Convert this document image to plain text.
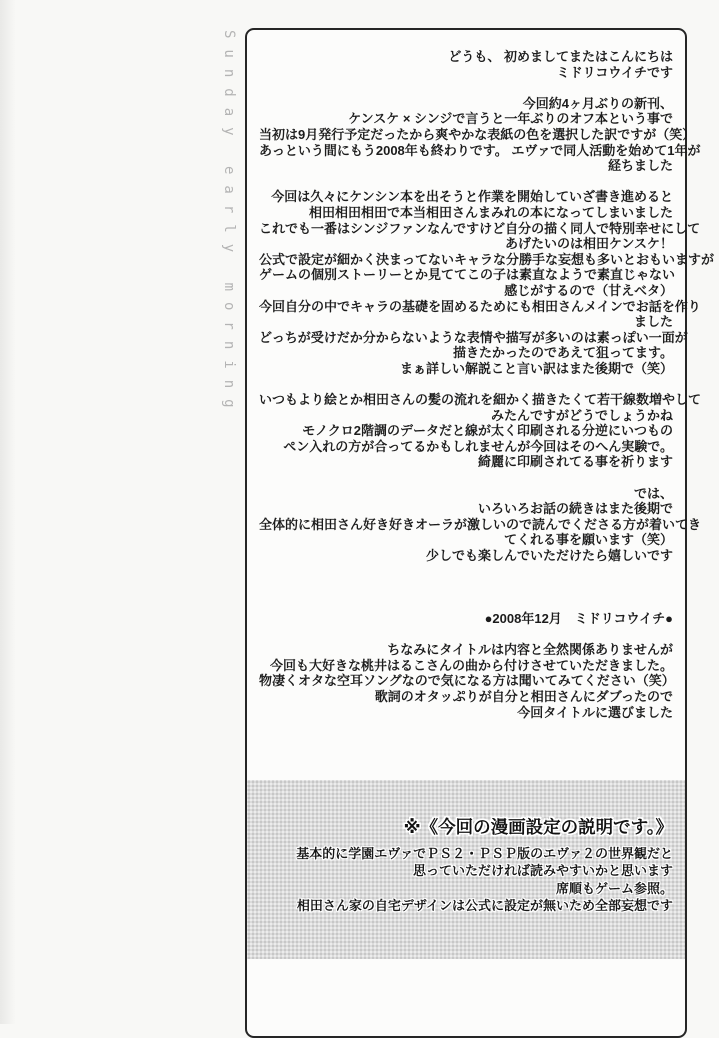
Sunday early morning	どうも、 初めましてまたはこんにちは
ミドリコウイチです
今回約4ヶ月ぶりの新刊、
ケンスケ × シンジで言うと一年ぶりのオフ本という事で
当初は9月発行予定だったから爽やかな表紙の色を選択した訳ですが（笑）
あっという間にもう2008年も終わりです。 エヴァで同人活動を始めて1年が
経ちました
今回は久々にケンシン本を出そうと作業を開始していざ書き進めると
相田相田相田で本当相田さんまみれの本になってしまいました
これでも一番はシンジファンなんですけど自分の描く同人で特別幸せにして
あげたいのは相田ケンスケ！
公式で設定が細かく決まってないキャラな分勝手な妄想も多いとおもいますが
ゲームの個別ストーリーとか見ててこの子は素直なようで素直じゃない
感じがするので（甘えベタ）
今回自分の中でキャラの基礎を固めるためにも相田さんメインでお話を作り
ました
どっちが受けだか分からないような表情や描写が多いのは素っぽい一面が
描きたかったのであえて狙ってます。
まぁ詳しい解説こと言い訳はまた後期で（笑）
いつもより絵とか相田さんの髪の流れを細かく描きたくて若干線数増やして
みたんですがどうでしょうかね
モノクロ2階調のデータだと線が太く印刷される分逆にいつもの
ペン入れの方が合ってるかもしれませんが今回はそのへん実験で。
綺麗に印刷されてる事を祈ります
では、
いろいろお話の続きはまた後期で
全体的に相田さん好き好きオーラが激しいので読んでくださる方が着いてき
てくれる事を願います（笑）
少しでも楽しんでいただけたら嬉しいです
●2008年12月　ミドリコウイチ●
ちなみにタイトルは内容と全然関係ありませんが
今回も大好きな桃井はるこさんの曲から付けさせていただきました。
物凄くオタな空耳ソングなので気になる方は聞いてみてください（笑）
歌詞のオタッぷりが自分と相田さんにダブったので
今回タイトルに選びました
※《今回の漫画設定の説明です。》
基本的に学園エヴァでＰＳ２・ＰＳＰ版のエヴァ２の世界観だと
思っていただければ読みやすいかと思います
席順もゲーム参照。
相田さん家の自宅デザインは公式に設定が無いため全部妄想です
